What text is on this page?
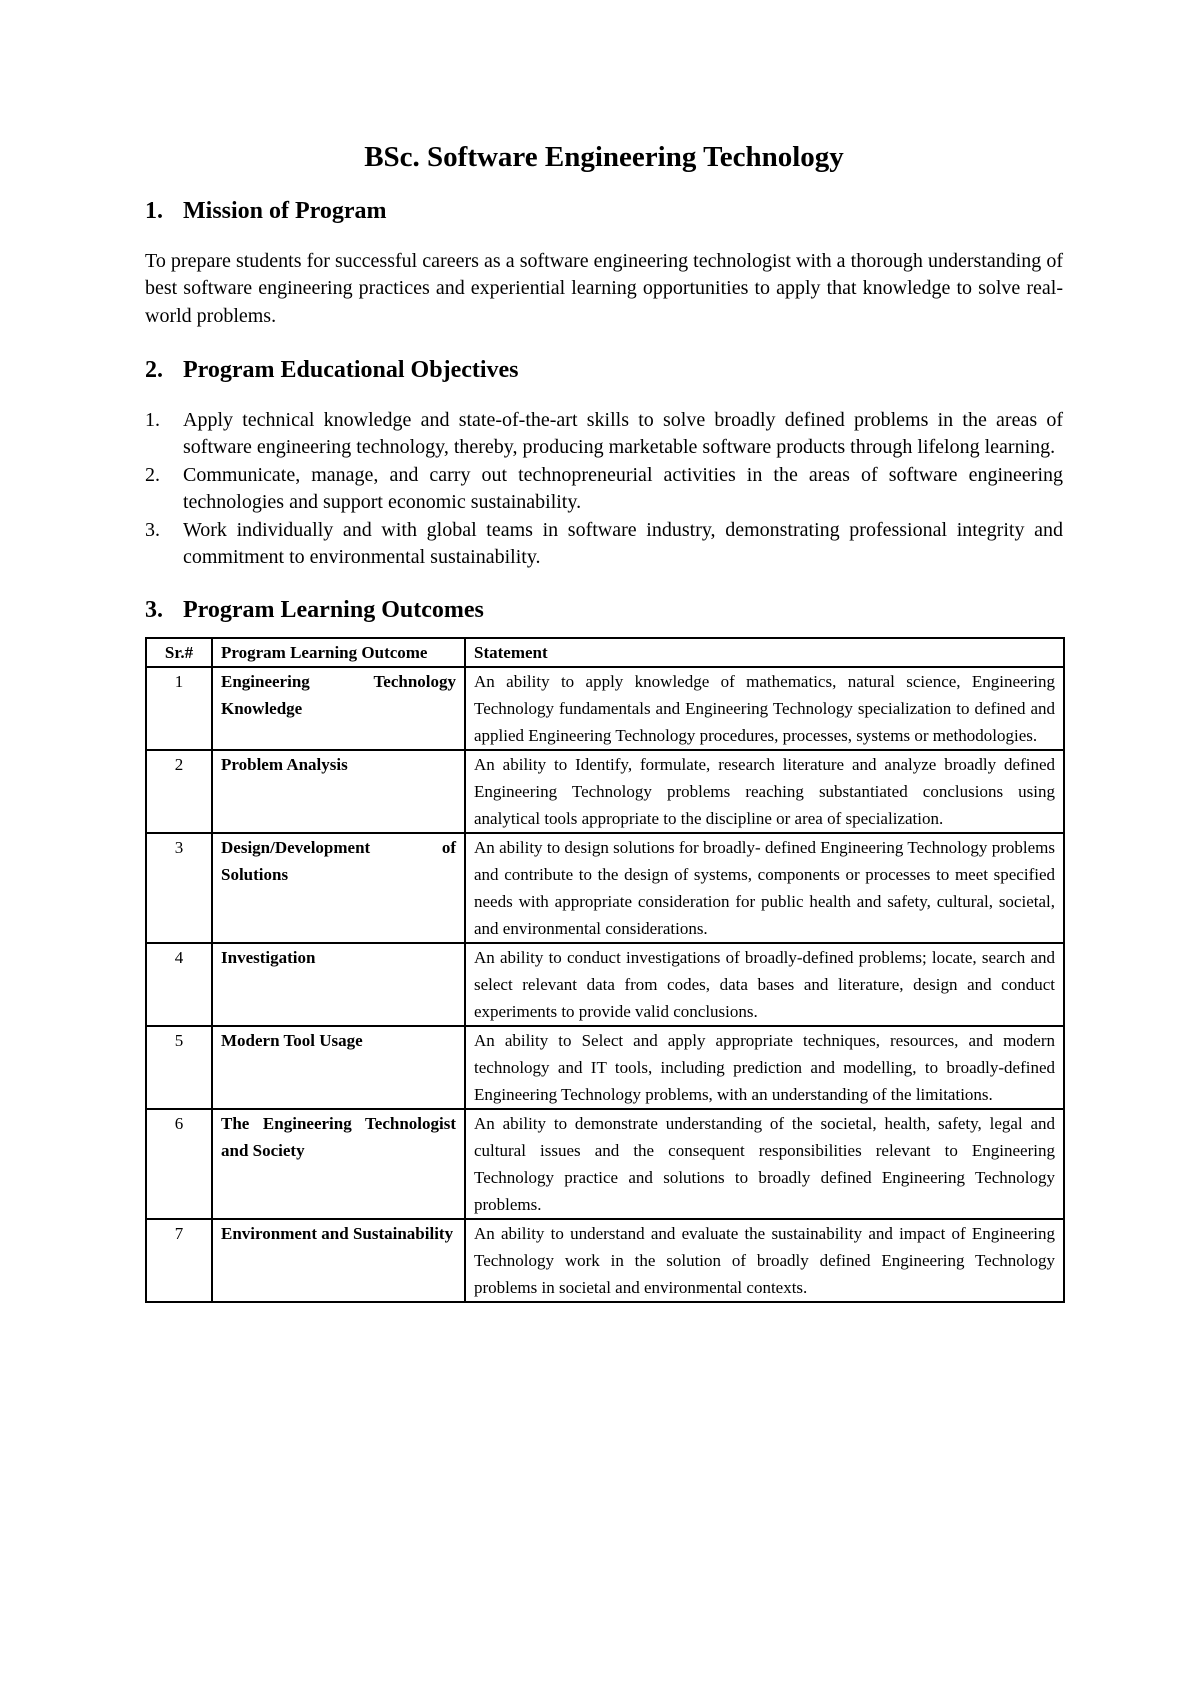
BSc. Software Engineering Technology
1. Mission of Program

To prepare students for successful careers as a software engineering technologist with a thorough understanding of best software engineering practices and experiential learning opportunities to apply that knowledge to solve real-world problems.

2. Program Educational Objectives
1.	Apply technical knowledge and state-of-the-art skills to solve broadly defined problems in the areas of software engineering technology, thereby, producing marketable software products through lifelong learning.
2.	Communicate, manage, and carry out technopreneurial activities in the areas of software engineering technologies and support economic sustainability.
3.	Work individually and with global teams in software industry, demonstrating professional integrity and commitment to environmental sustainability.
3. Program Learning Outcomes
Sr.#	Program Learning Outcome	Statement
1	Engineering Technology Knowledge	An ability to apply knowledge of mathematics, natural science, Engineering Technology fundamentals and Engineering Technology specialization to defined and applied Engineering Technology procedures, processes, systems or methodologies.
2	Problem Analysis	An ability to Identify, formulate, research literature and analyze broadly defined Engineering Technology problems reaching substantiated conclusions using analytical tools appropriate to the discipline or area of specialization.
3	Design/Development of Solutions	An ability to design solutions for broadly- defined Engineering Technology problems and contribute to the design of systems, components or processes to meet specified needs with appropriate consideration for public health and safety, cultural, societal, and environmental considerations.
4	Investigation	An ability to conduct investigations of broadly-defined problems; locate, search and select relevant data from codes, data bases and literature, design and conduct experiments to provide valid conclusions.
5	Modern Tool Usage	An ability to Select and apply appropriate techniques, resources, and modern technology and IT tools, including prediction and modelling, to broadly-defined Engineering Technology problems, with an understanding of the limitations.
6	The Engineering Technologist and Society	An ability to demonstrate understanding of the societal, health, safety, legal and cultural issues and the consequent responsibilities relevant to Engineering Technology practice and solutions to broadly defined Engineering Technology problems.
7	Environment and Sustainability	An ability to understand and evaluate the sustainability and impact of Engineering Technology work in the solution of broadly defined Engineering Technology problems in societal and environmental contexts.
